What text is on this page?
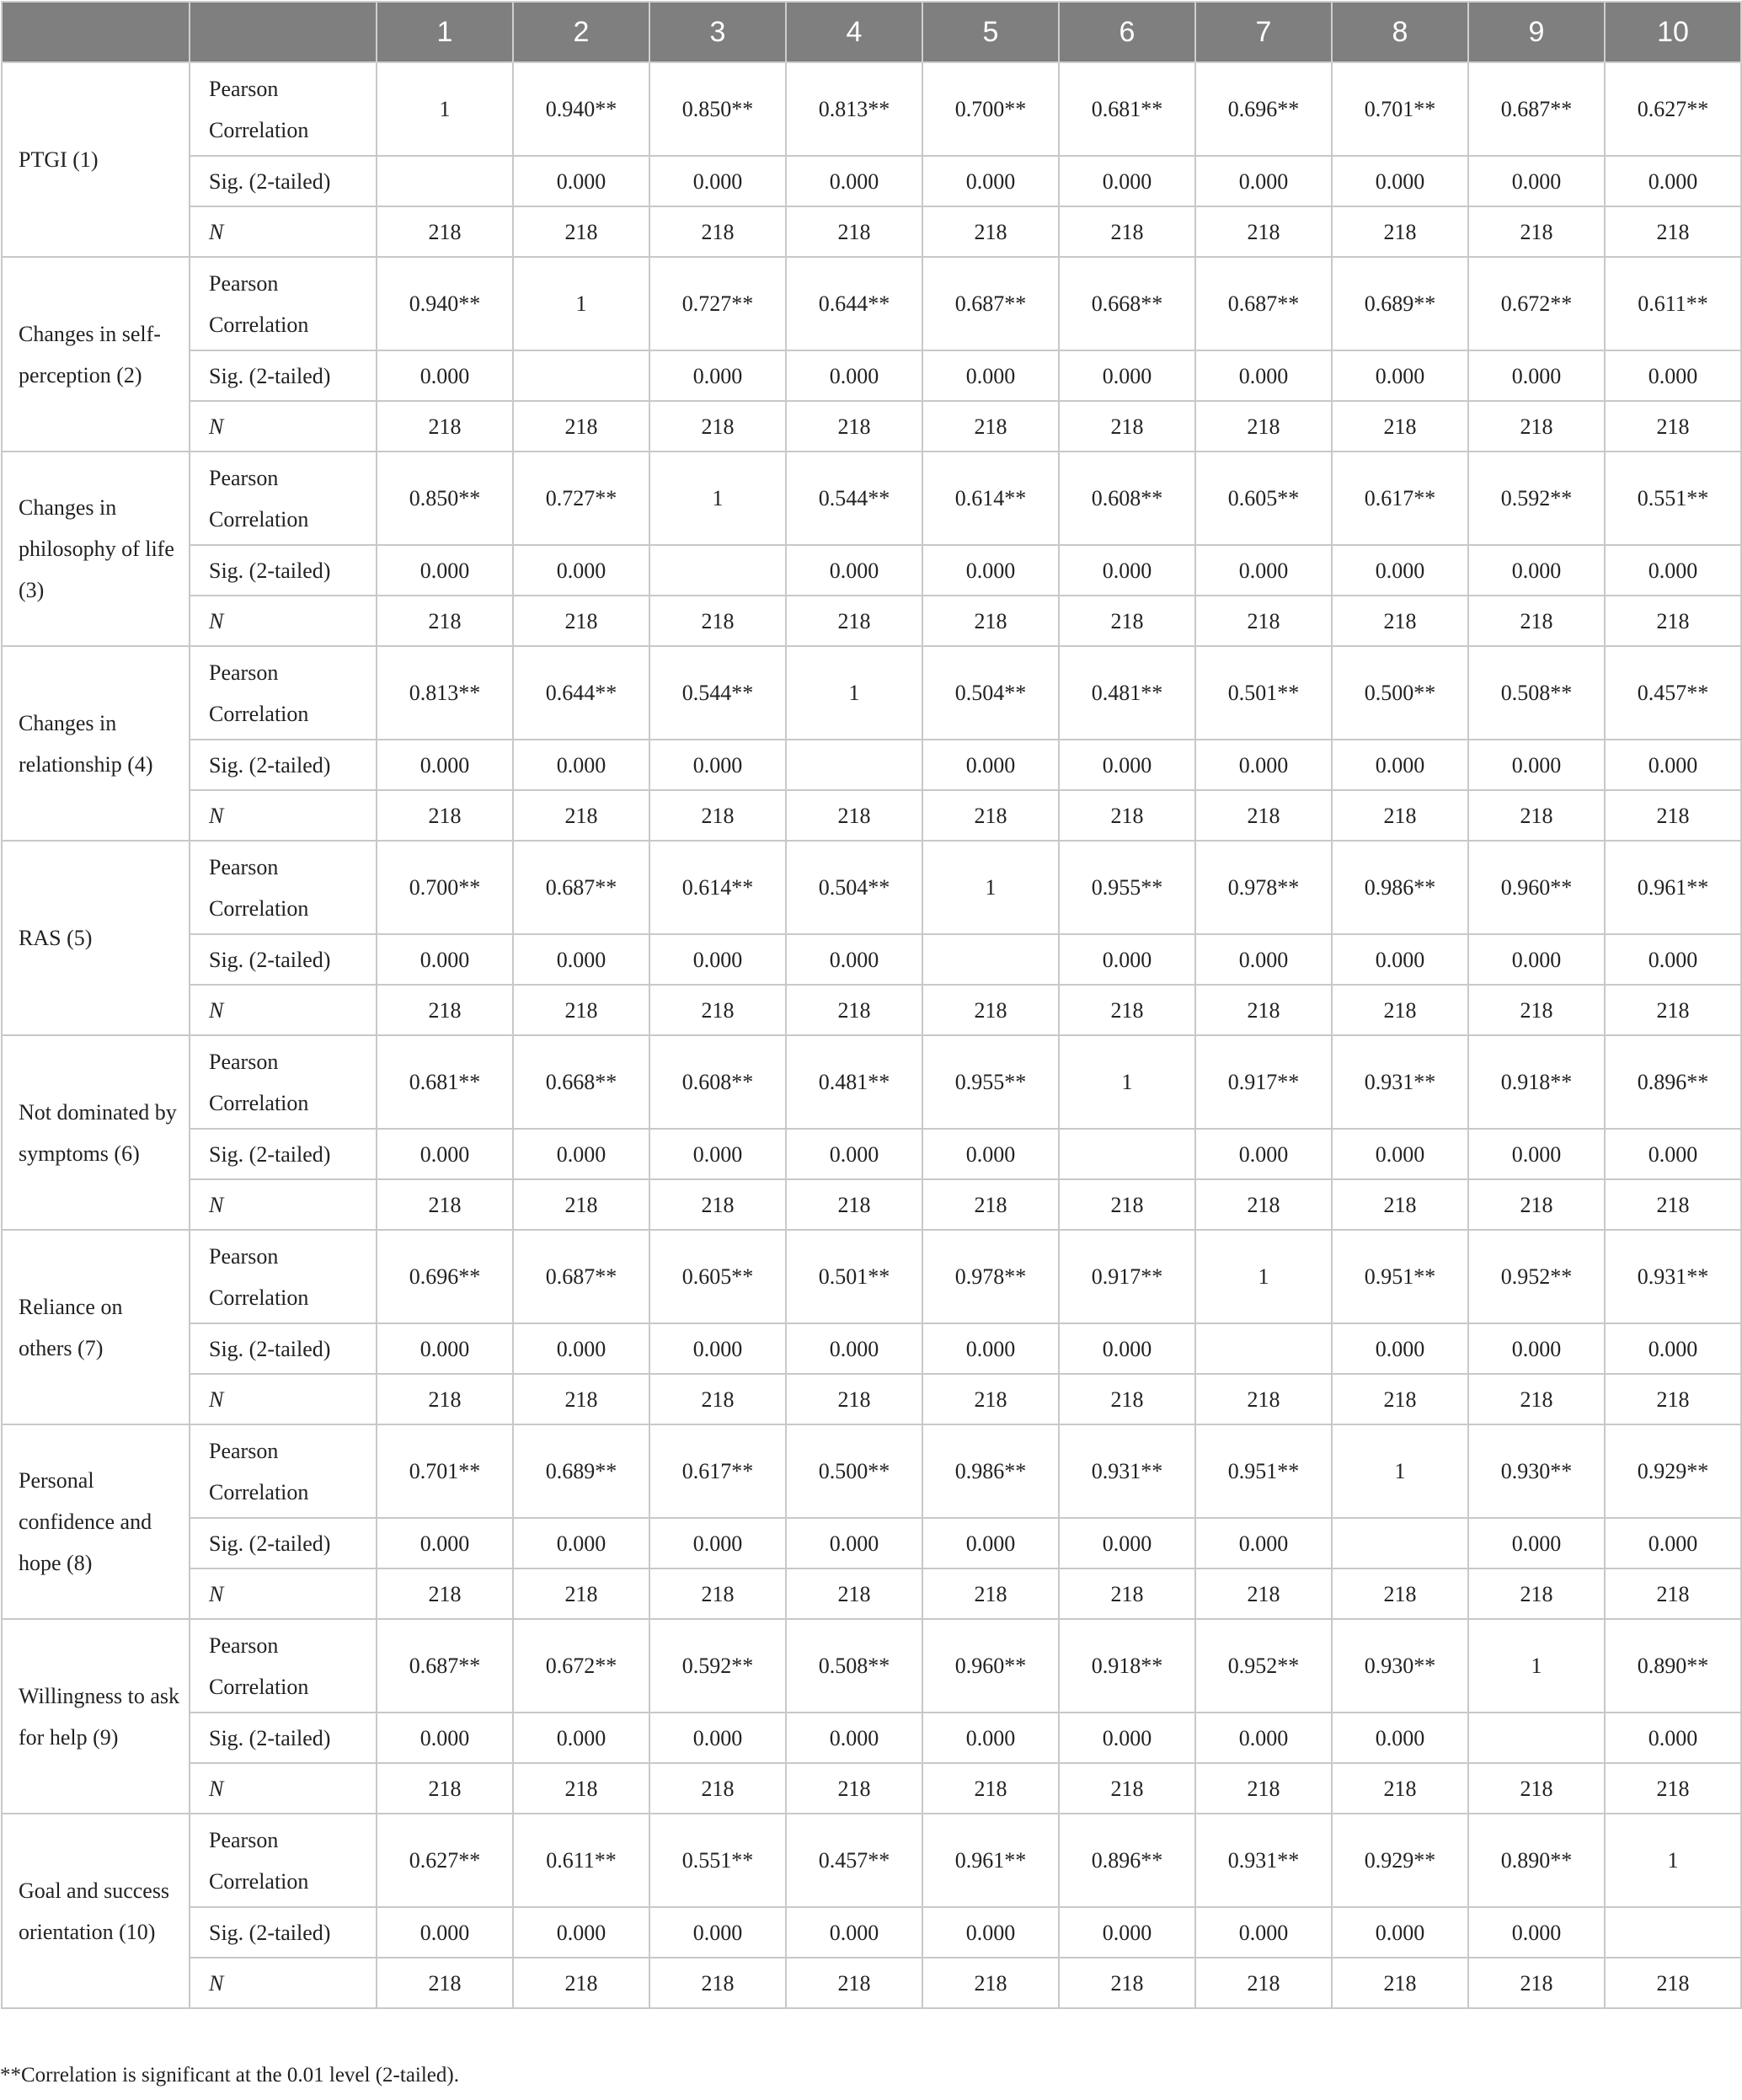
		1	2	3	4	5	6	7	8	9	10
PTGI (1)	Pearson Correlation	1	0.940**	0.850**	0.813**	0.700**	0.681**	0.696**	0.701**	0.687**	0.627**
	Sig. (2-tailed)		0.000	0.000	0.000	0.000	0.000	0.000	0.000	0.000	0.000
	N	218	218	218	218	218	218	218	218	218	218
Changes in self-perception (2)	Pearson Correlation	0.940**	1	0.727**	0.644**	0.687**	0.668**	0.687**	0.689**	0.672**	0.611**
	Sig. (2-tailed)	0.000		0.000	0.000	0.000	0.000	0.000	0.000	0.000	0.000
	N	218	218	218	218	218	218	218	218	218	218
Changes in philosophy of life (3)	Pearson Correlation	0.850**	0.727**	1	0.544**	0.614**	0.608**	0.605**	0.617**	0.592**	0.551**
	Sig. (2-tailed)	0.000	0.000		0.000	0.000	0.000	0.000	0.000	0.000	0.000
	N	218	218	218	218	218	218	218	218	218	218
Changes in relationship (4)	Pearson Correlation	0.813**	0.644**	0.544**	1	0.504**	0.481**	0.501**	0.500**	0.508**	0.457**
	Sig. (2-tailed)	0.000	0.000	0.000		0.000	0.000	0.000	0.000	0.000	0.000
	N	218	218	218	218	218	218	218	218	218	218
RAS (5)	Pearson Correlation	0.700**	0.687**	0.614**	0.504**	1	0.955**	0.978**	0.986**	0.960**	0.961**
	Sig. (2-tailed)	0.000	0.000	0.000	0.000		0.000	0.000	0.000	0.000	0.000
	N	218	218	218	218	218	218	218	218	218	218
Not dominated by symptoms (6)	Pearson Correlation	0.681**	0.668**	0.608**	0.481**	0.955**	1	0.917**	0.931**	0.918**	0.896**
	Sig. (2-tailed)	0.000	0.000	0.000	0.000	0.000		0.000	0.000	0.000	0.000
	N	218	218	218	218	218	218	218	218	218	218
Reliance on others (7)	Pearson Correlation	0.696**	0.687**	0.605**	0.501**	0.978**	0.917**	1	0.951**	0.952**	0.931**
	Sig. (2-tailed)	0.000	0.000	0.000	0.000	0.000	0.000		0.000	0.000	0.000
	N	218	218	218	218	218	218	218	218	218	218
Personal confidence and hope (8)	Pearson Correlation	0.701**	0.689**	0.617**	0.500**	0.986**	0.931**	0.951**	1	0.930**	0.929**
	Sig. (2-tailed)	0.000	0.000	0.000	0.000	0.000	0.000	0.000		0.000	0.000
	N	218	218	218	218	218	218	218	218	218	218
Willingness to ask for help (9)	Pearson Correlation	0.687**	0.672**	0.592**	0.508**	0.960**	0.918**	0.952**	0.930**	1	0.890**
	Sig. (2-tailed)	0.000	0.000	0.000	0.000	0.000	0.000	0.000	0.000		0.000
	N	218	218	218	218	218	218	218	218	218	218
Goal and success orientation (10)	Pearson Correlation	0.627**	0.611**	0.551**	0.457**	0.961**	0.896**	0.931**	0.929**	0.890**	1
	Sig. (2-tailed)	0.000	0.000	0.000	0.000	0.000	0.000	0.000	0.000	0.000	
	N	218	218	218	218	218	218	218	218	218	218
**Correlation is significant at the 0.01 level (2-tailed).
